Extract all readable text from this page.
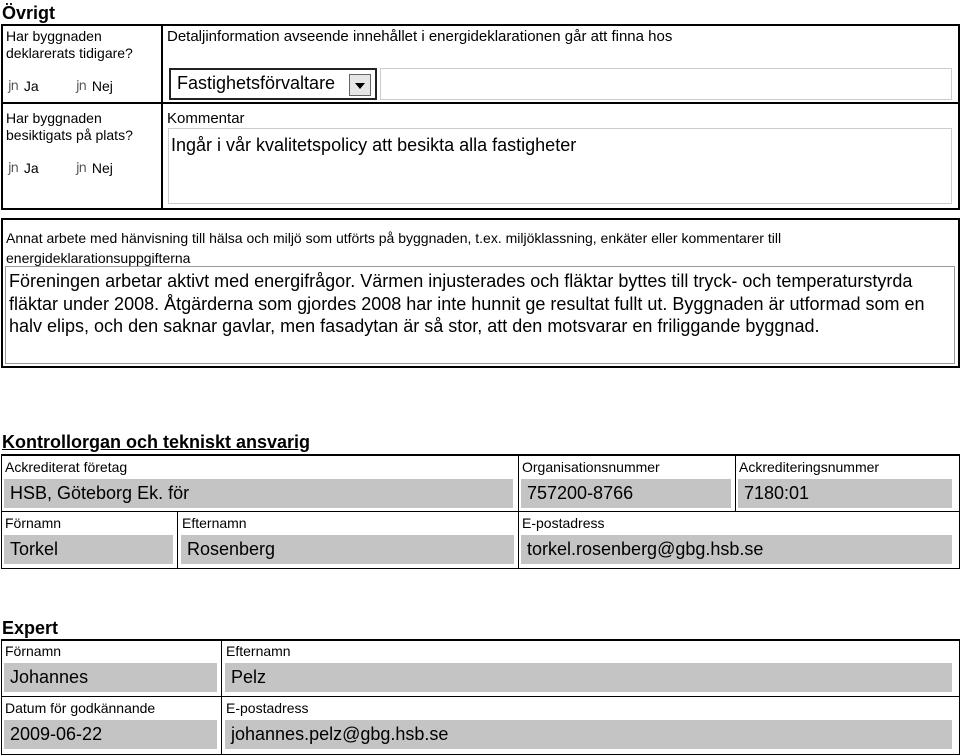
Övrigt
Har byggnaden deklarerats tidigare?
jn Ja	jn Nej
Har byggnaden besiktigats på plats?
jn Ja	jn Nej
Detaljinformation avseende innehållet i energideklarationen går att finna hos
Fastighetsförvaltare
Kommentar
Ingår i vår kvalitetspolicy att besikta alla fastigheter
Annat arbete med hänvisning till hälsa och miljö som utförts på byggnaden, t.ex. miljöklassning, enkäter eller kommentarer till energideklarationsuppgifterna
Föreningen arbetar aktivt med energifrågor. Värmen injusterades och fläktar byttes till tryck- och temperaturstyrda fläktar under 2008. Åtgärderna som gjordes 2008 har inte hunnit ge resultat fullt ut. Byggnaden är utformad som en halv elips, och den saknar gavlar, men fasadytan är så stor, att den motsvarar en friliggande byggnad.
Kontrollorgan och tekniskt ansvarig
Ackrediterat företag
HSB, Göteborg Ek. för
Organisationsnummer
757200-8766
Ackrediteringsnummer
7180:01
Förnamn
Torkel
Efternamn
Rosenberg
E-postadress
torkel.rosenberg@gbg.hsb.se
Expert
Förnamn
Johannes
Efternamn
Pelz
Datum för godkännande
2009-06-22
E-postadress
johannes.pelz@gbg.hsb.se
